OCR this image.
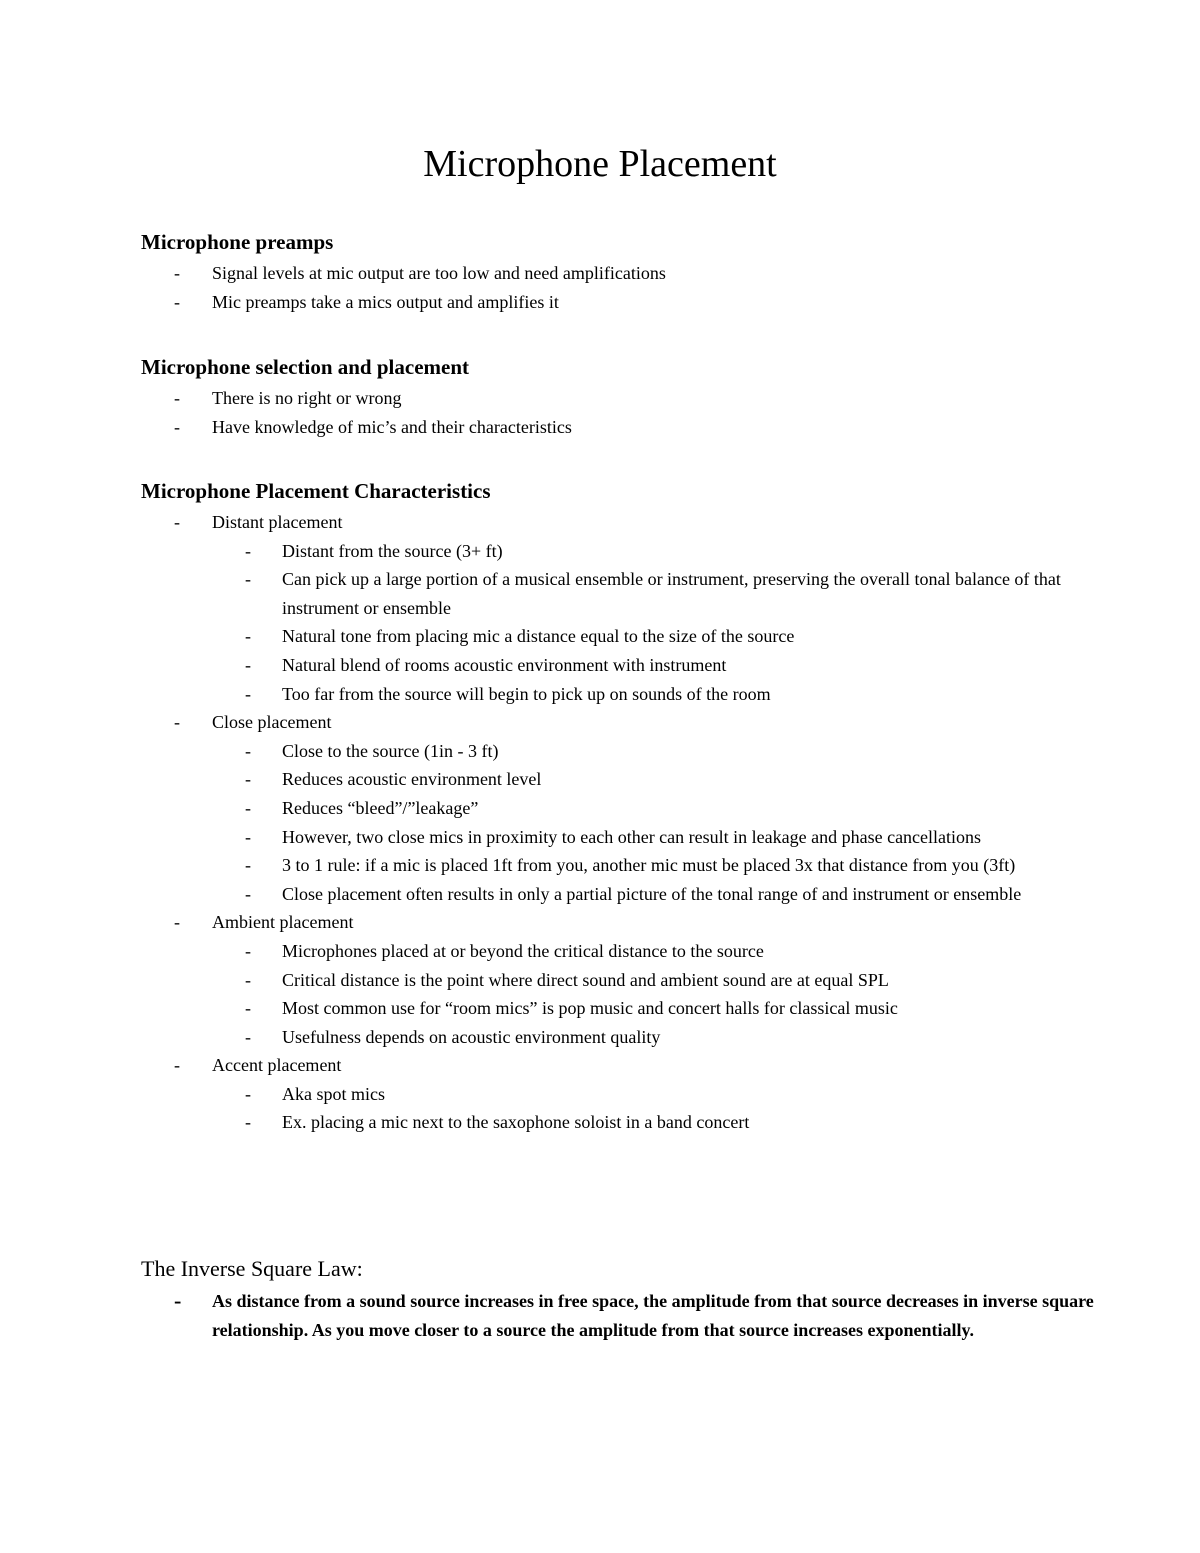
Microphone Placement
Microphone preamps
- Signal levels at mic output are too low and need amplifications
- Mic preamps take a mics output and amplifies it
Microphone selection and placement
- There is no right or wrong
- Have knowledge of mic’s and their characteristics
Microphone Placement Characteristics
- Distant placement
- Distant from the source (3+ ft)
- Can pick up a large portion of a musical ensemble or instrument, preserving the overall tonal balance of that instrument or ensemble
- Natural tone from placing mic a distance equal to the size of the source
- Natural blend of rooms acoustic environment with instrument
- Too far from the source will begin to pick up on sounds of the room
- Close placement
- Close to the source (1in - 3 ft)
- Reduces acoustic environment level
- Reduces “bleed”/”leakage”
- However, two close mics in proximity to each other can result in leakage and phase cancellations
- 3 to 1 rule: if a mic is placed 1ft from you, another mic must be placed 3x that distance from you (3ft)
- Close placement often results in only a partial picture of the tonal range of and instrument or ensemble
- Ambient placement
- Microphones placed at or beyond the critical distance to the source
- Critical distance is the point where direct sound and ambient sound are at equal SPL
- Most common use for “room mics” is pop music and concert halls for classical music
- Usefulness depends on acoustic environment quality
- Accent placement
- Aka spot mics
- Ex. placing a mic next to the saxophone soloist in a band concert
The Inverse Square Law:
- As distance from a sound source increases in free space, the amplitude from that source decreases in inverse square relationship. As you move closer to a source the amplitude from that source increases exponentially.
